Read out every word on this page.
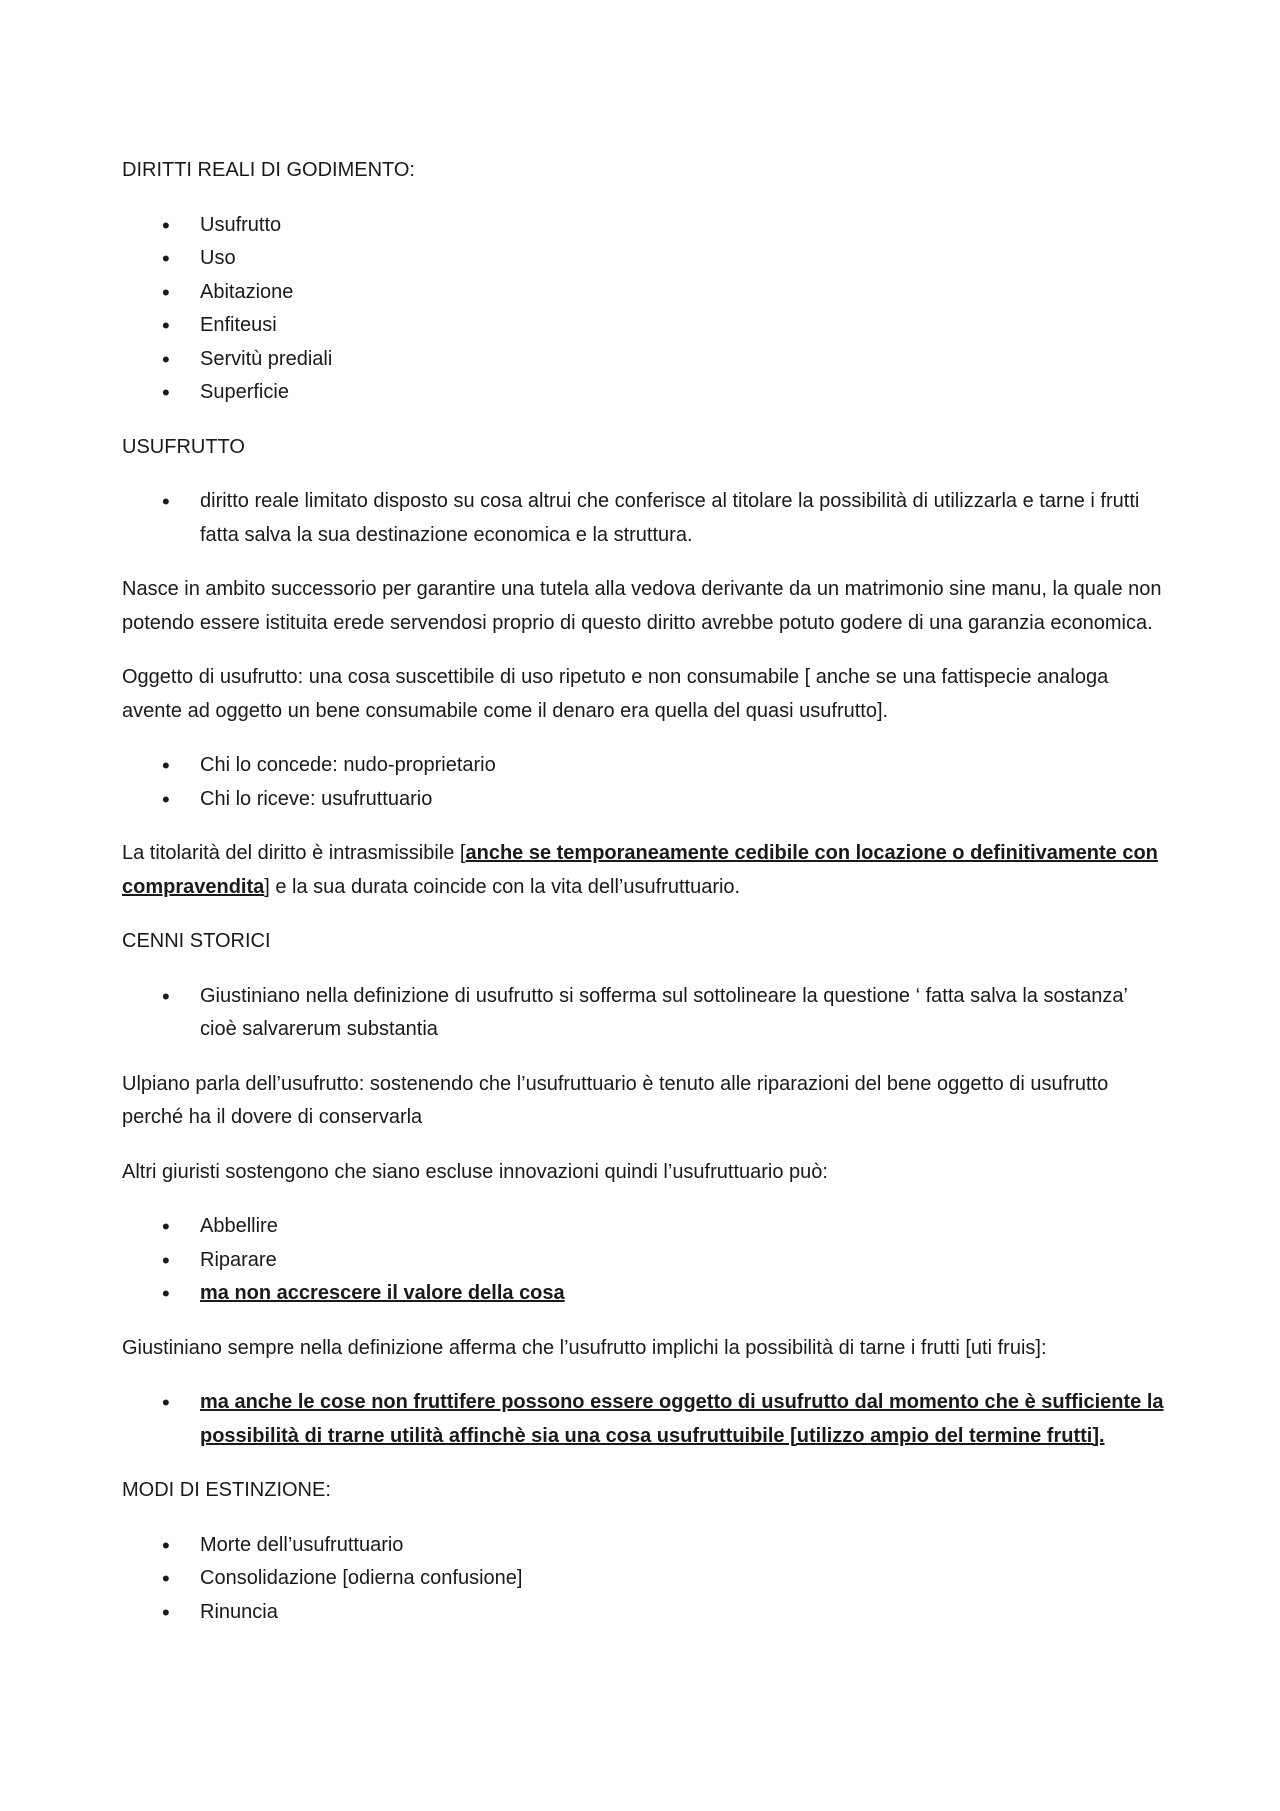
DIRITTI REALI DI GODIMENTO:

• Usufrutto
• Uso
• Abitazione
• Enfiteusi
• Servitù prediali
• Superficie

USUFRUTTO

• diritto reale limitato disposto su cosa altrui che conferisce al titolare la possibilità di utilizzarla e tarne i frutti fatta salva la sua destinazione economica e la struttura.

Nasce in ambito successorio per garantire una tutela alla vedova derivante da un matrimonio sine manu, la quale non potendo essere istituita erede servendosi proprio di questo diritto avrebbe potuto godere di una garanzia economica.

Oggetto di usufrutto: una cosa suscettibile di uso ripetuto e non consumabile [ anche se una fattispecie analoga avente ad oggetto un bene consumabile come il denaro era quella del quasi usufrutto].

• Chi lo concede: nudo-proprietario
• Chi lo riceve: usufruttuario

La titolarità del diritto è intrasmissibile [anche se temporaneamente cedibile con locazione o definitivamente con compravendita] e la sua durata coincide con la vita dell’usufruttuario.

CENNI STORICI

• Giustiniano nella definizione di usufrutto si sofferma sul sottolineare la questione ‘ fatta salva la sostanza’ cioè salvarerum substantia

Ulpiano parla dell’usufrutto: sostenendo che l’usufruttuario è tenuto alle riparazioni del bene oggetto di usufrutto perché ha il dovere di conservarla

Altri giuristi sostengono che siano escluse innovazioni quindi l’usufruttuario può:

• Abbellire
• Riparare
• ma non accrescere il valore della cosa

Giustiniano sempre nella definizione afferma che l’usufrutto implichi la possibilità di tarne i frutti [uti fruis]:

• ma anche le cose non fruttifere possono essere oggetto di usufrutto dal momento che è sufficiente la possibilità di trarne utilità affinchè sia una cosa usufruttuibile [utilizzo ampio del termine frutti].

MODI DI ESTINZIONE:

• Morte dell’usufruttuario
• Consolidazione [odierna confusione]
• Rinuncia
